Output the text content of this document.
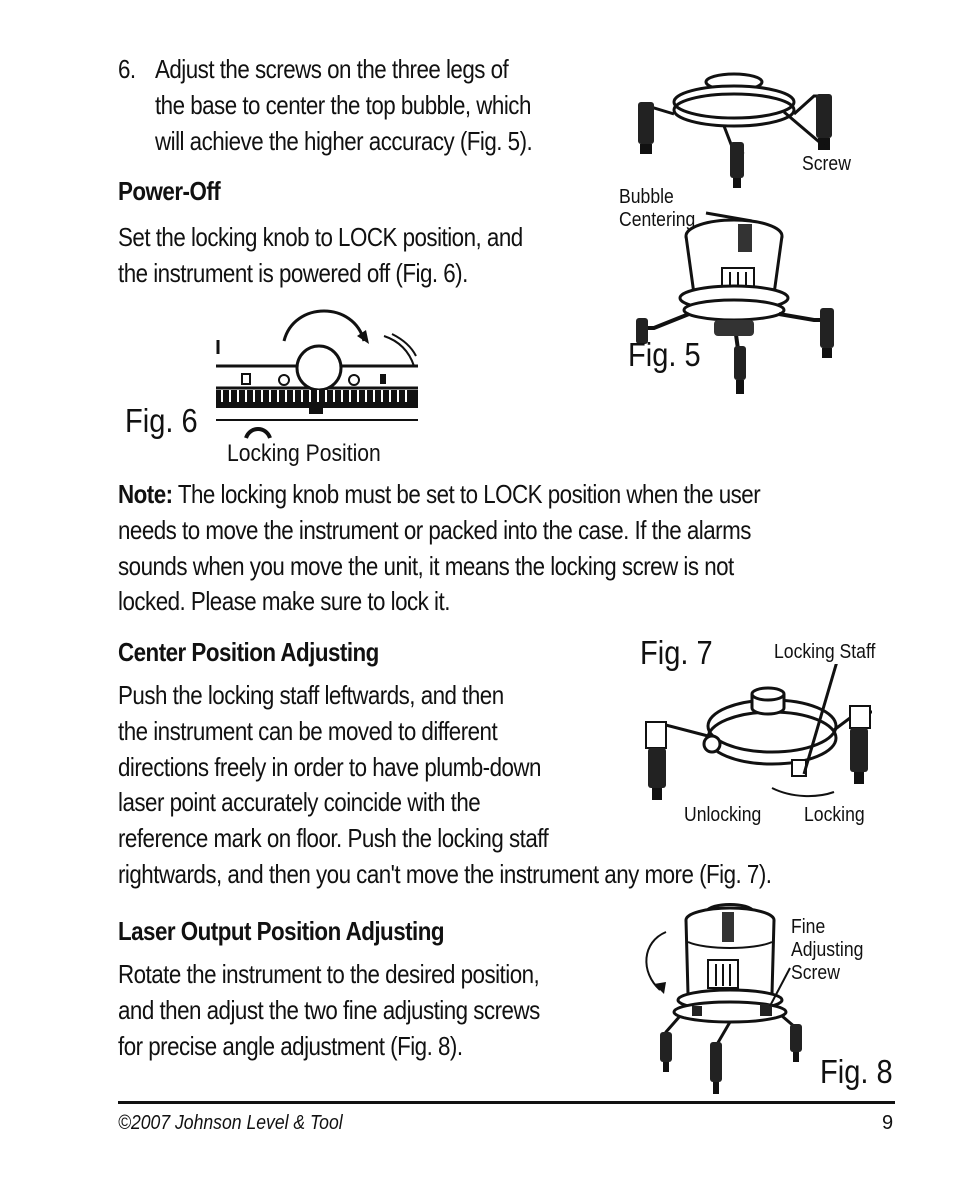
6. Adjust the screws on the three legs of
the base to center the top bubble, which
will achieve the higher accuracy (Fig. 5).
Power-Off
Set the locking knob to LOCK position, and
the instrument is powered off (Fig. 6).
Fig. 6
Locking Position
Screw
Bubble
Centering
Fig. 5
Note: The locking knob must be set to LOCK position when the user
needs to move the instrument or packed into the case. If the alarms
sounds when you move the unit, it means the locking screw is not
locked. Please make sure to lock it.
Center Position Adjusting
Push the locking staff leftwards, and then
the instrument can be moved to different
directions freely in order to have plumb-down
laser point accurately coincide with the
reference mark on floor. Push the locking staff
rightwards, and then you can't move the instrument any more (Fig. 7).
Fig. 7	Locking Staff
Unlocking Locking
Laser Output Position Adjusting
Rotate the instrument to the desired position,
and then adjust the two fine adjusting screws
for precise angle adjustment (Fig. 8).
Fine
Adjusting
Screw
Fig. 8
©2007 Johnson Level & Tool	9
